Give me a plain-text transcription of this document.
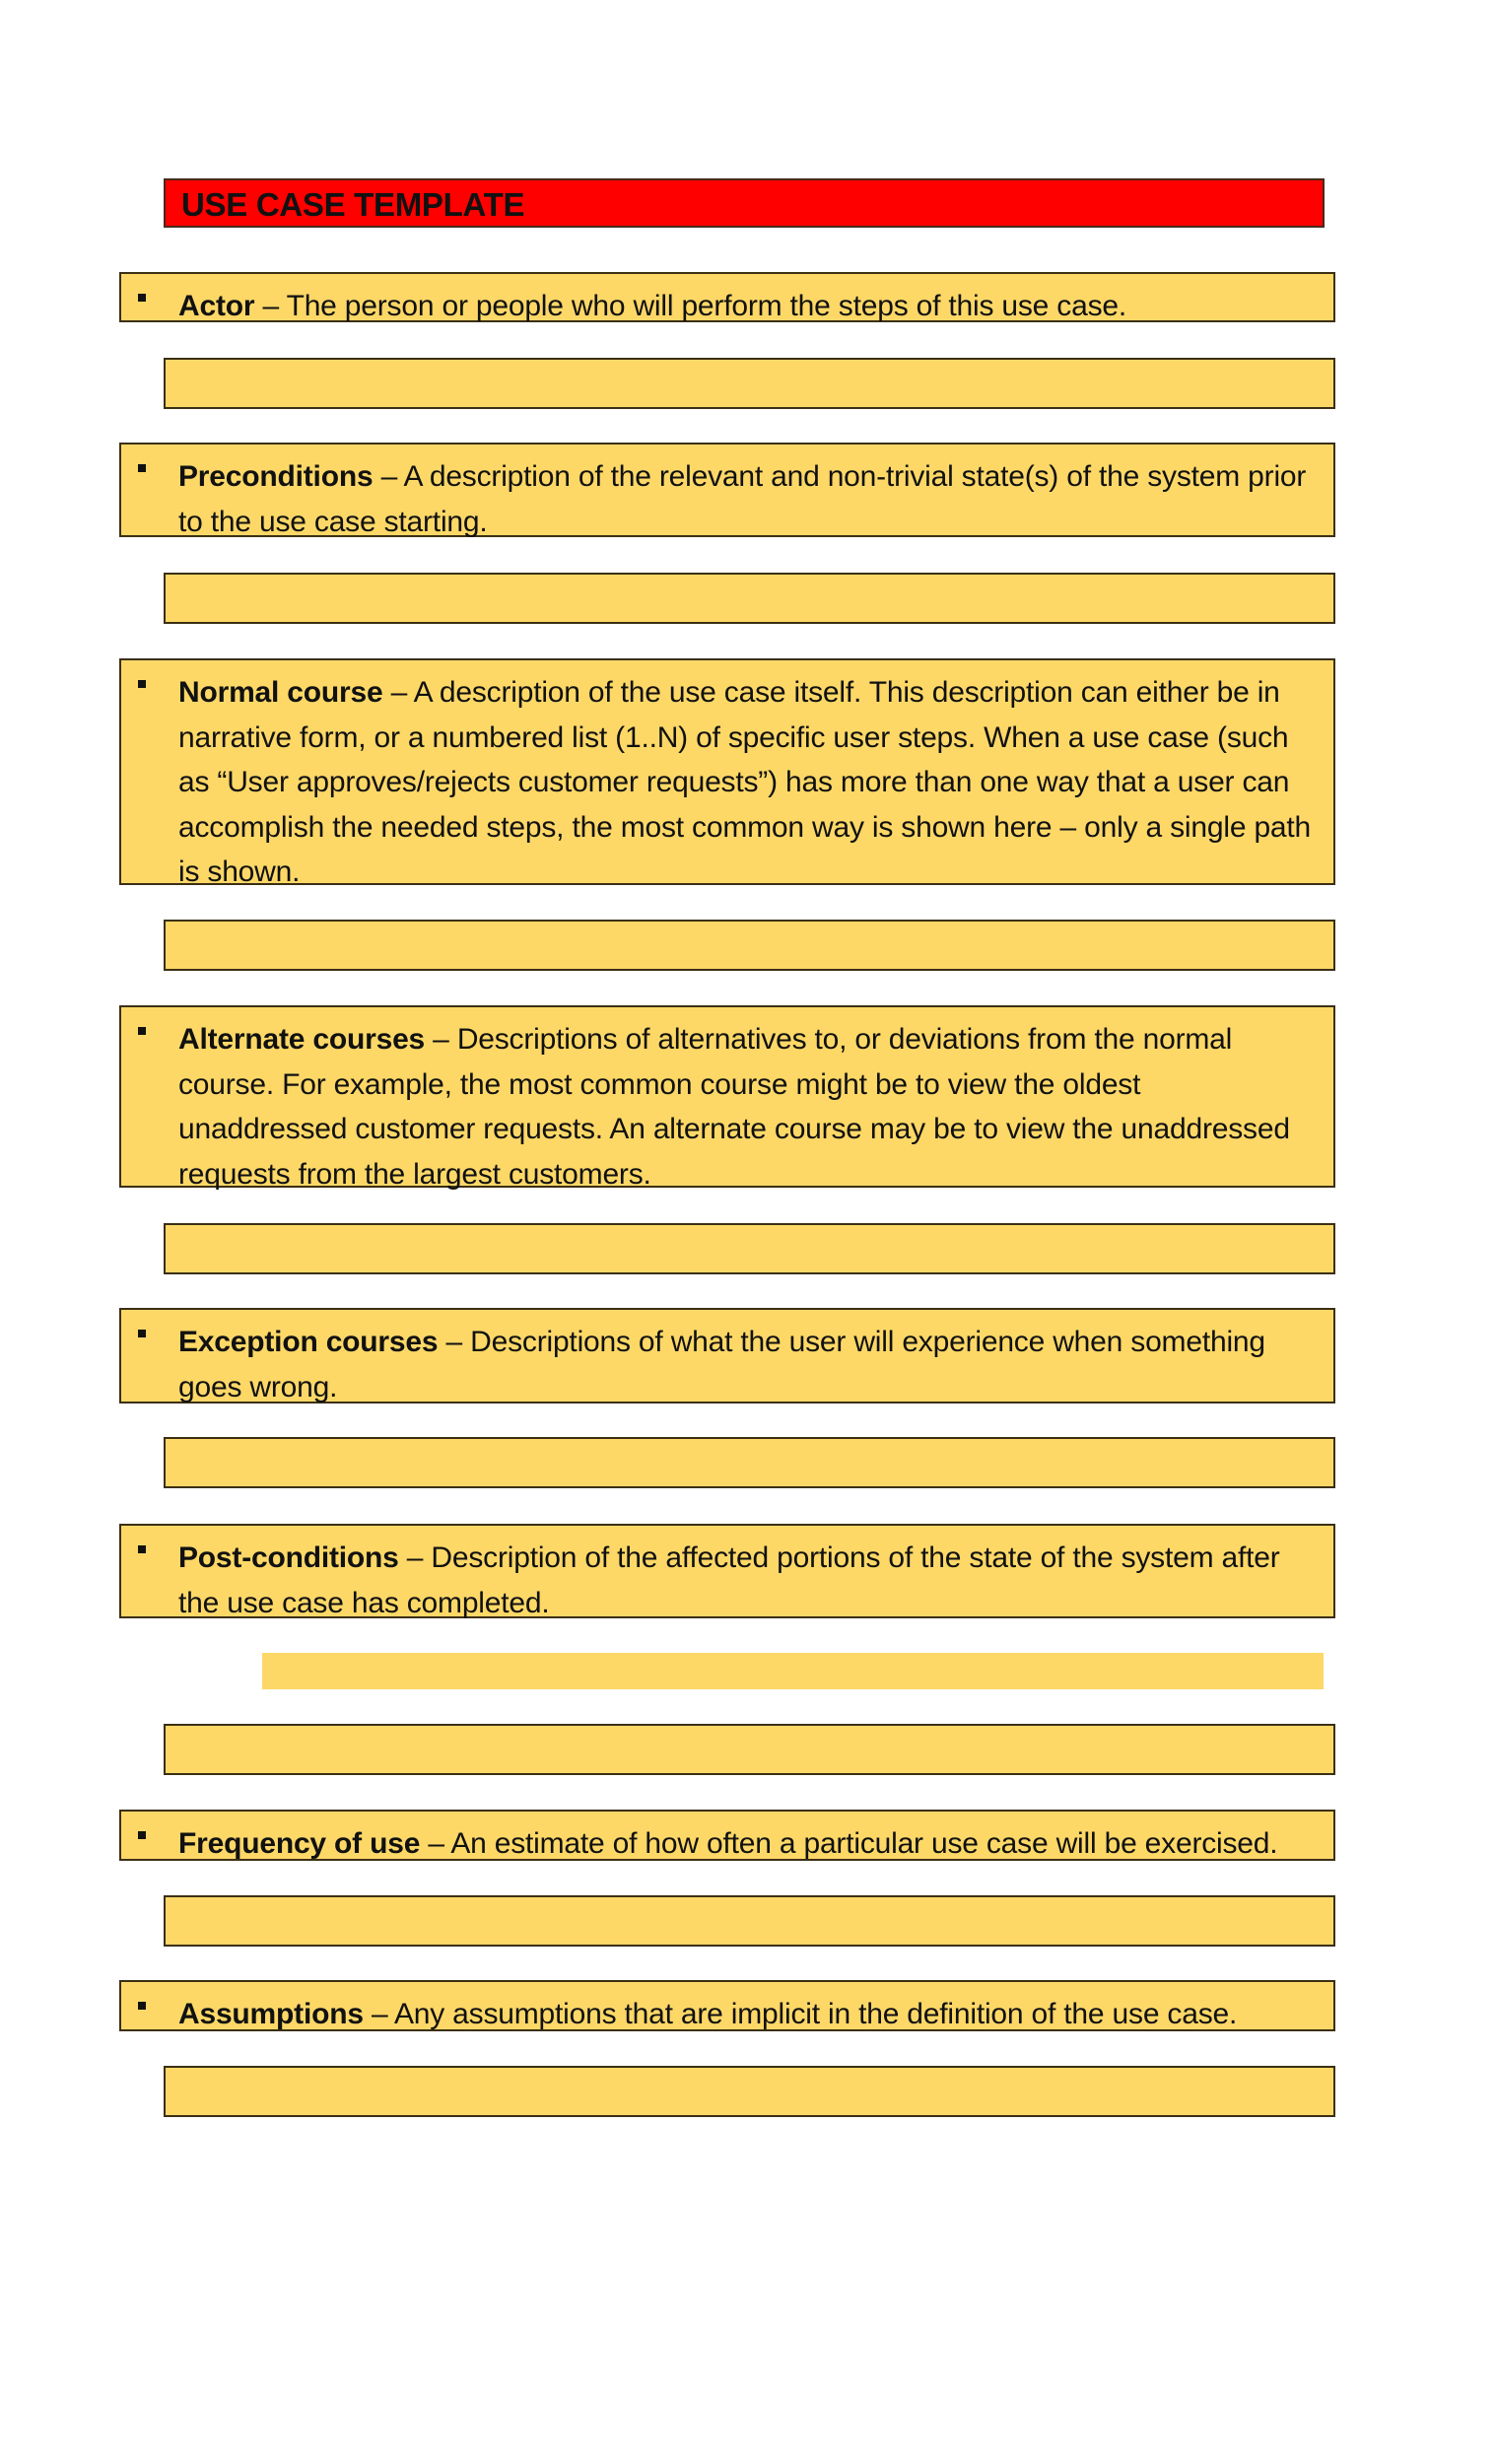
USE CASE TEMPLATE
Actor – The person or people who will perform the steps of this use case.
Preconditions – A description of the relevant and non-trivial state(s) of the system prior
to the use case starting.
Normal course – A description of the use case itself. This description can either be in
narrative form, or a numbered list (1..N) of specific user steps. When a use case (such
as “User approves/rejects customer requests”) has more than one way that a user can
accomplish the needed steps, the most common way is shown here – only a single path
is shown.
Alternate courses – Descriptions of alternatives to, or deviations from the normal
course. For example, the most common course might be to view the oldest
unaddressed customer requests. An alternate course may be to view the unaddressed
requests from the largest customers.
Exception courses – Descriptions of what the user will experience when something
goes wrong.
Post-conditions – Description of the affected portions of the state of the system after
the use case has completed.
Frequency of use – An estimate of how often a particular use case will be exercised.
Assumptions – Any assumptions that are implicit in the definition of the use case.
